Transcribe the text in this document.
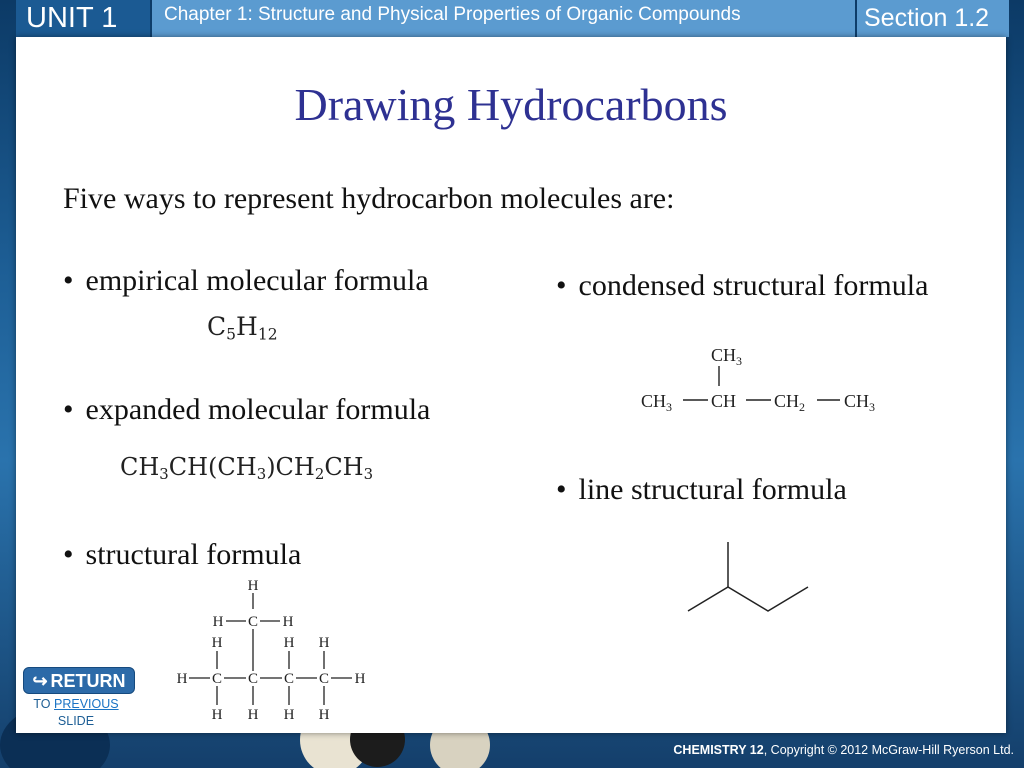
UNIT 1	Chapter 1: Structure and Physical Properties of Organic Compounds	Section 1.2
Drawing Hydrocarbons
Five ways to represent hydrocarbon molecules are:
• empirical molecular formula
$C_5H_{12}$
• expanded molecular formula
$CH_3CH(CH_3)CH_2CH_3$
• structural formula
H
H C H
H	H H
H C C C C H
H H H H
• condensed structural formula
$CH_3$
$CH_3$ CH $CH_2$ $CH_3$
• line structural formula
↪ RETURN
TO PREVIOUS
SLIDE
CHEMISTRY 12, Copyright © 2012 McGraw-Hill Ryerson Ltd.
